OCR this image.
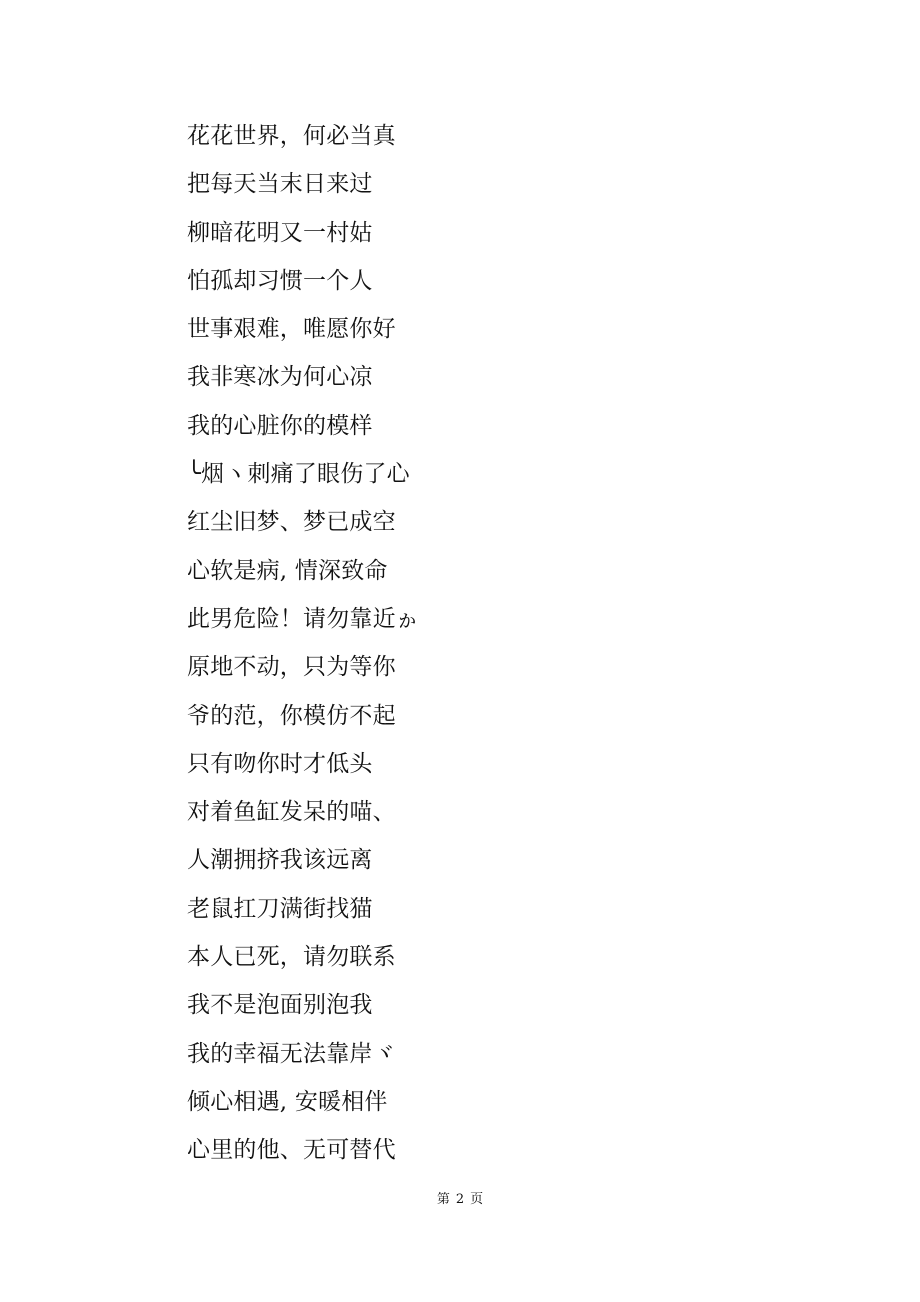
花花世界，何必当真
把每天当末日来过
柳暗花明又一村姑
怕孤却习惯一个人
世事艰难，唯愿你好
我非寒冰为何心凉
我的心脏你的模样
╰烟ヽ刺痛了眼伤了心
红尘旧梦、梦已成空
心软是病, 情深致命
此男危险！请勿靠近ゕ
原地不动，只为等你
爷的范，你模仿不起
只有吻你时才低头
对着鱼缸发呆的喵、
人潮拥挤我该远离
老鼠扛刀满街找猫
本人已死，请勿联系
我不是泡面别泡我
我的幸福无法靠岸ヾ
倾心相遇, 安暖相伴
心里的他、无可替代
第 2 页
